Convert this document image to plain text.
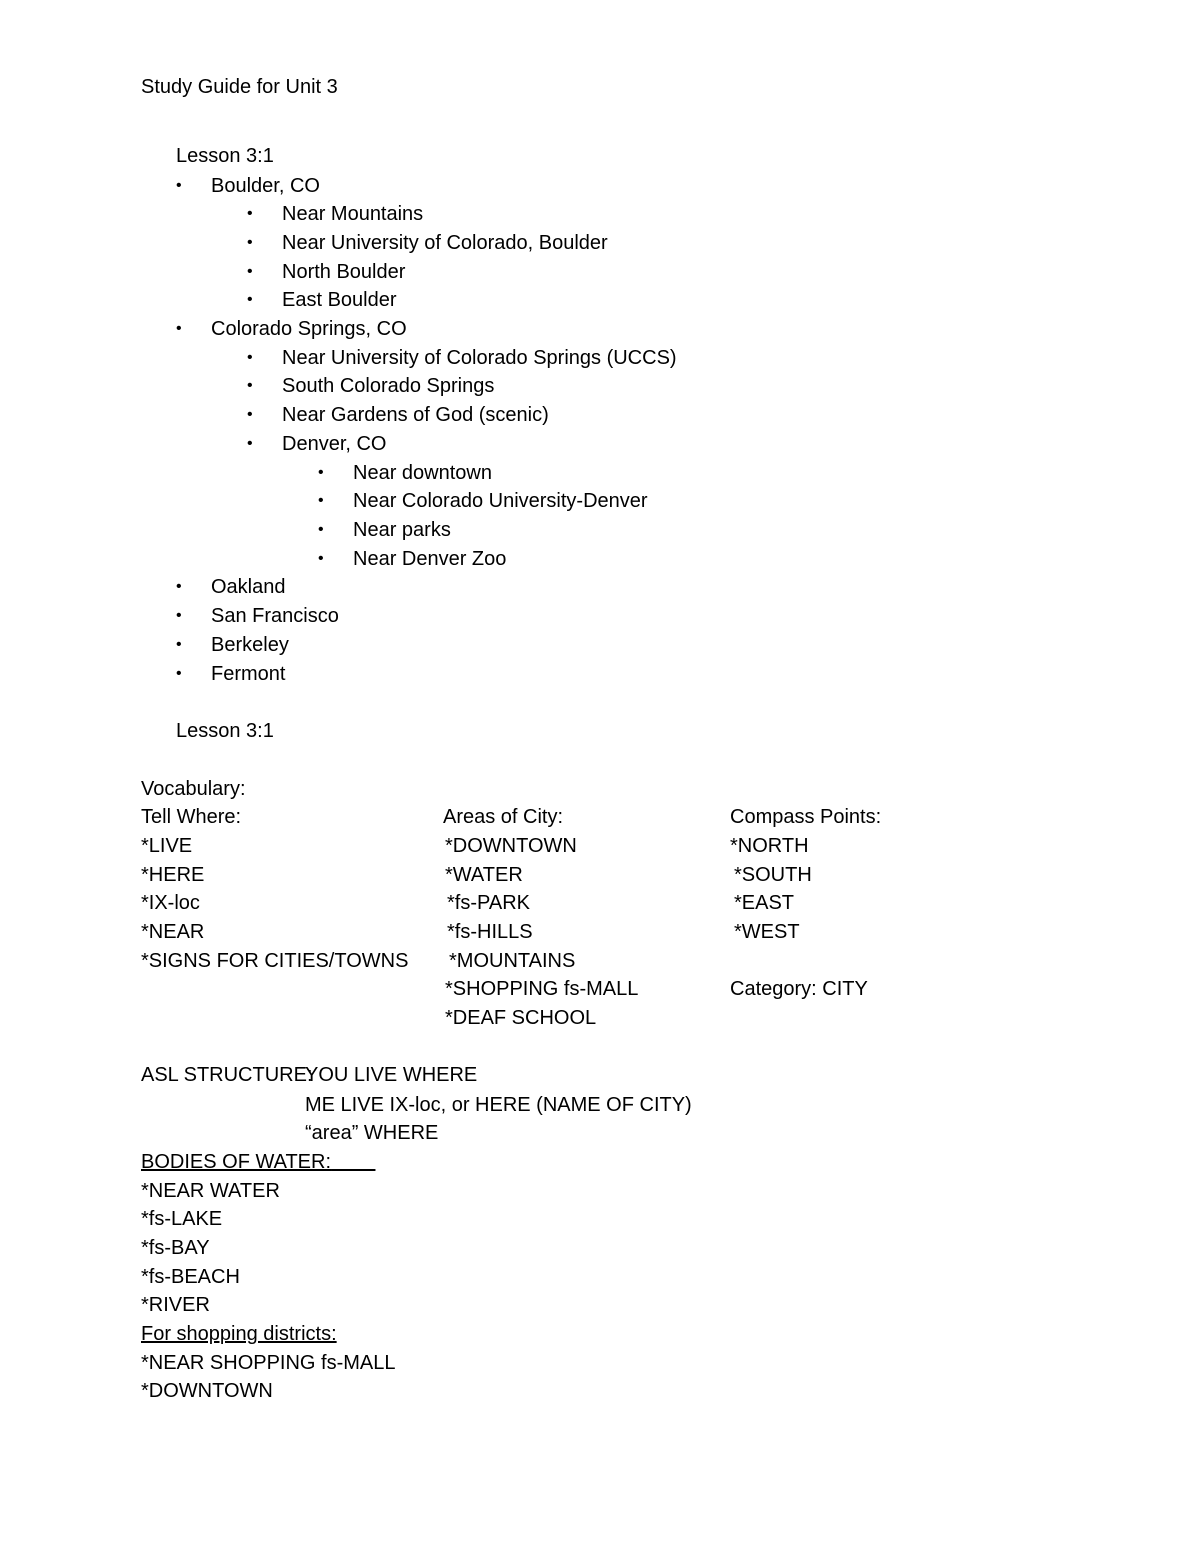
Study Guide for Unit 3
Lesson 3:1
• Boulder, CO
• Near Mountains
• Near University of Colorado, Boulder
• North Boulder
• East Boulder
• Colorado Springs, CO
• Near University of Colorado Springs (UCCS)
• South Colorado Springs
• Near Gardens of God (scenic)
• Denver, CO
• Near downtown
• Near Colorado University-Denver
• Near parks
• Near Denver Zoo
• Oakland
• San Francisco
• Berkeley
• Fermont
Lesson 3:1
Vocabulary:
Tell Where:
*LIVE
*HERE
*IX-loc
*NEAR
*SIGNS FOR CITIES/TOWNS
Areas of City:
*DOWNTOWN
*WATER
*fs-PARK
*fs-HILLS
*MOUNTAINS
*SHOPPING fs-MALL
*DEAF SCHOOL
Compass Points:
*NORTH
*SOUTH
*EAST
*WEST
Category: CITY
ASL STRUCTURE:
YOU LIVE WHERE
ME LIVE IX-loc, or HERE (NAME OF CITY)
“area” WHERE
BODIES OF WATER:
*NEAR WATER
*fs-LAKE
*fs-BAY
*fs-BEACH
*RIVER
For shopping districts:
*NEAR SHOPPING fs-MALL
*DOWNTOWN
